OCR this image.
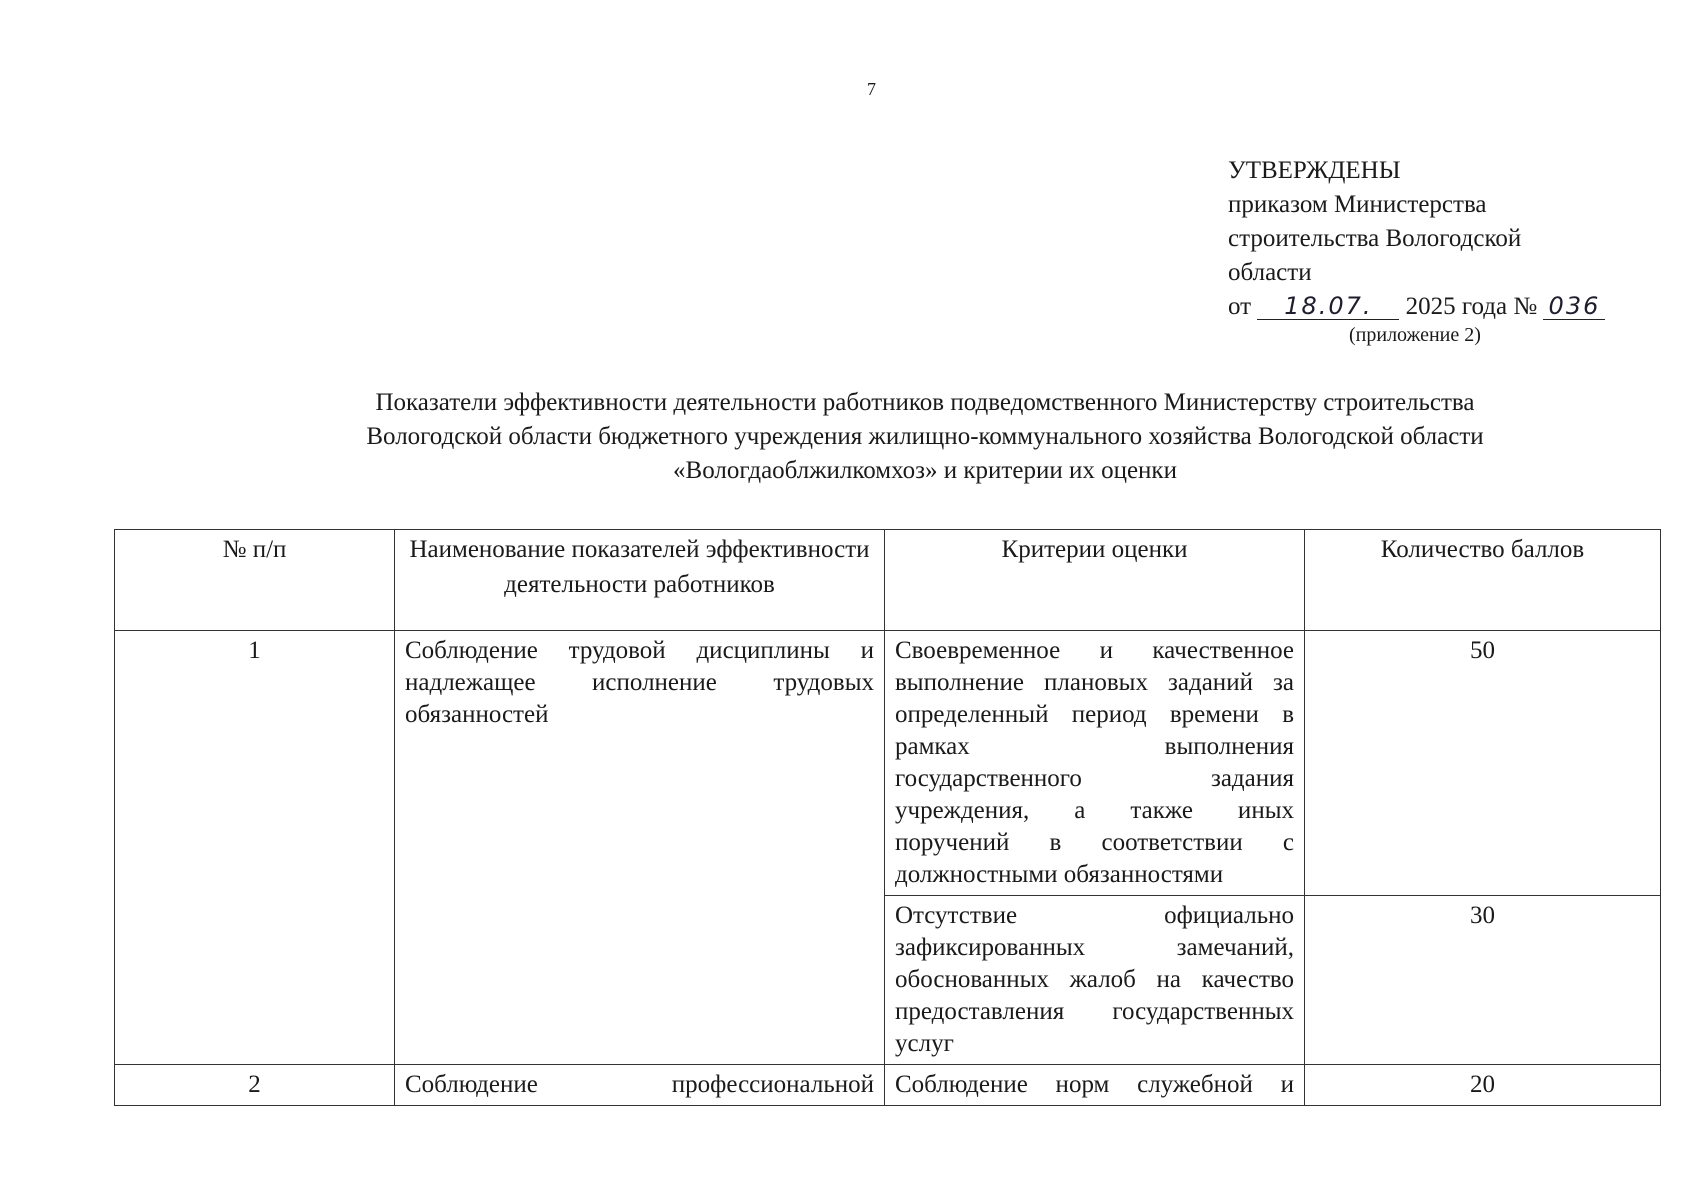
7
УТВЕРЖДЕНЫ
приказом Министерства
строительства Вологодской
области
от 18.07. 2025 года № 036
(приложение 2)
Показатели эффективности деятельности работников подведомственного Министерству строительства
Вологодской области бюджетного учреждения жилищно-коммунального хозяйства Вологодской области
«Вологдаоблжилкомхоз» и критерии их оценки
№ п/п	Наименование показателей эффективности деятельности работников	Критерии оценки	Количество баллов
1	Соблюдение трудовой дисциплины и надлежащее исполнение трудовых обязанностей	Своевременное и качественное выполнение плановых заданий за определенный период времени в рамках выполнения государственного задания учреждения, а также иных поручений в соответствии с должностными обязанностями	50
		Отсутствие официально зафиксированных замечаний, обоснованных жалоб на качество предоставления государственных услуг	30
2	Соблюдение профессиональной	Соблюдение норм служебной и	20
